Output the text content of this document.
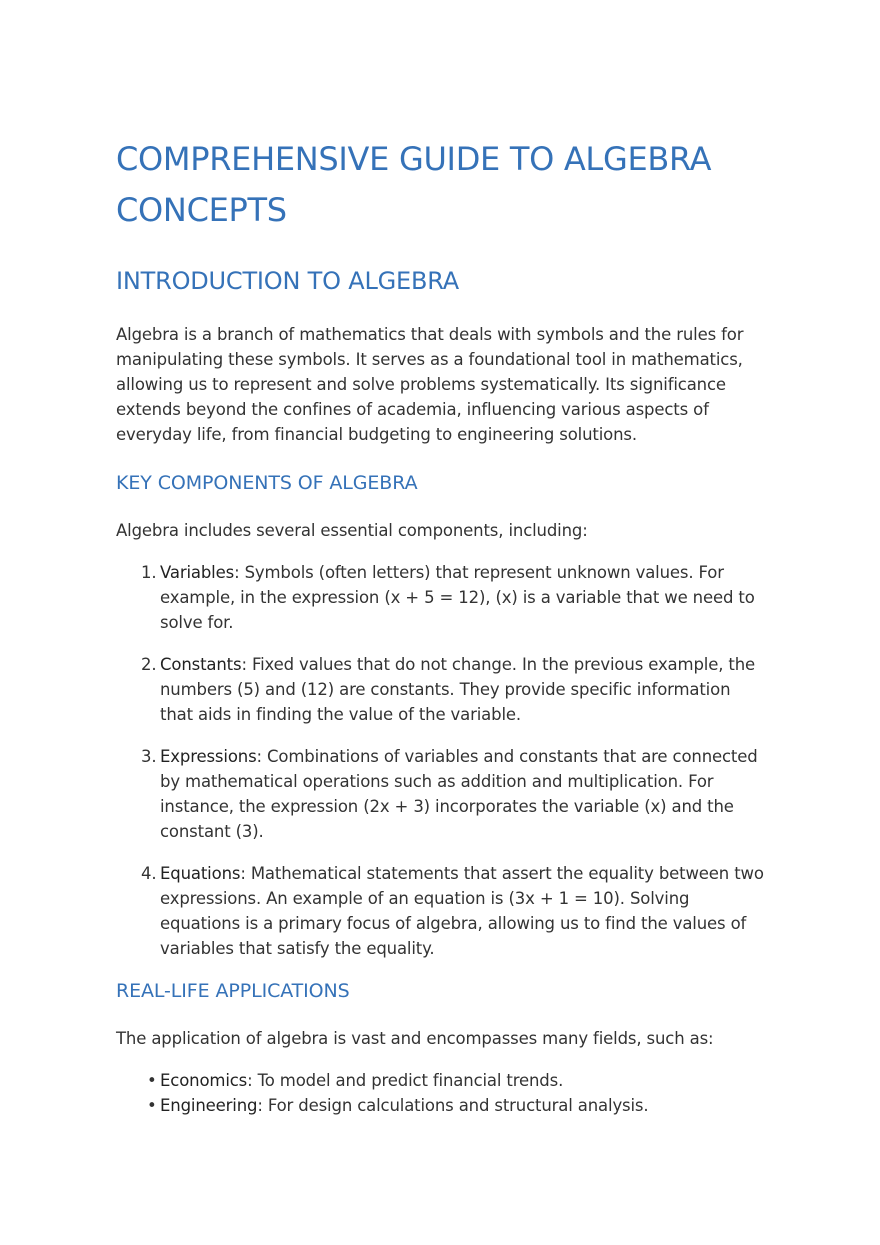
COMPREHENSIVE GUIDE TO ALGEBRA CONCEPTS
INTRODUCTION TO ALGEBRA

Algebra is a branch of mathematics that deals with symbols and the rules for manipulating these symbols. It serves as a foundational tool in mathematics, allowing us to represent and solve problems systematically. Its significance extends beyond the confines of academia, influencing various aspects of everyday life, from financial budgeting to engineering solutions.

KEY COMPONENTS OF ALGEBRA

Algebra includes several essential components, including:

1. Variables: Symbols (often letters) that represent unknown values. For example, in the expression (x + 5 = 12), (x) is a variable that we need to solve for.
2. Constants: Fixed values that do not change. In the previous example, the numbers (5) and (12) are constants. They provide specific information that aids in finding the value of the variable.
3. Expressions: Combinations of variables and constants that are connected by mathematical operations such as addition and multiplication. For instance, the expression (2x + 3) incorporates the variable (x) and the constant (3).
4. Equations: Mathematical statements that assert the equality between two expressions. An example of an equation is (3x + 1 = 10). Solving equations is a primary focus of algebra, allowing us to find the values of variables that satisfy the equality.
REAL-LIFE APPLICATIONS

The application of algebra is vast and encompasses many fields, such as:

• Economics: To model and predict financial trends.
• Engineering: For design calculations and structural analysis.
